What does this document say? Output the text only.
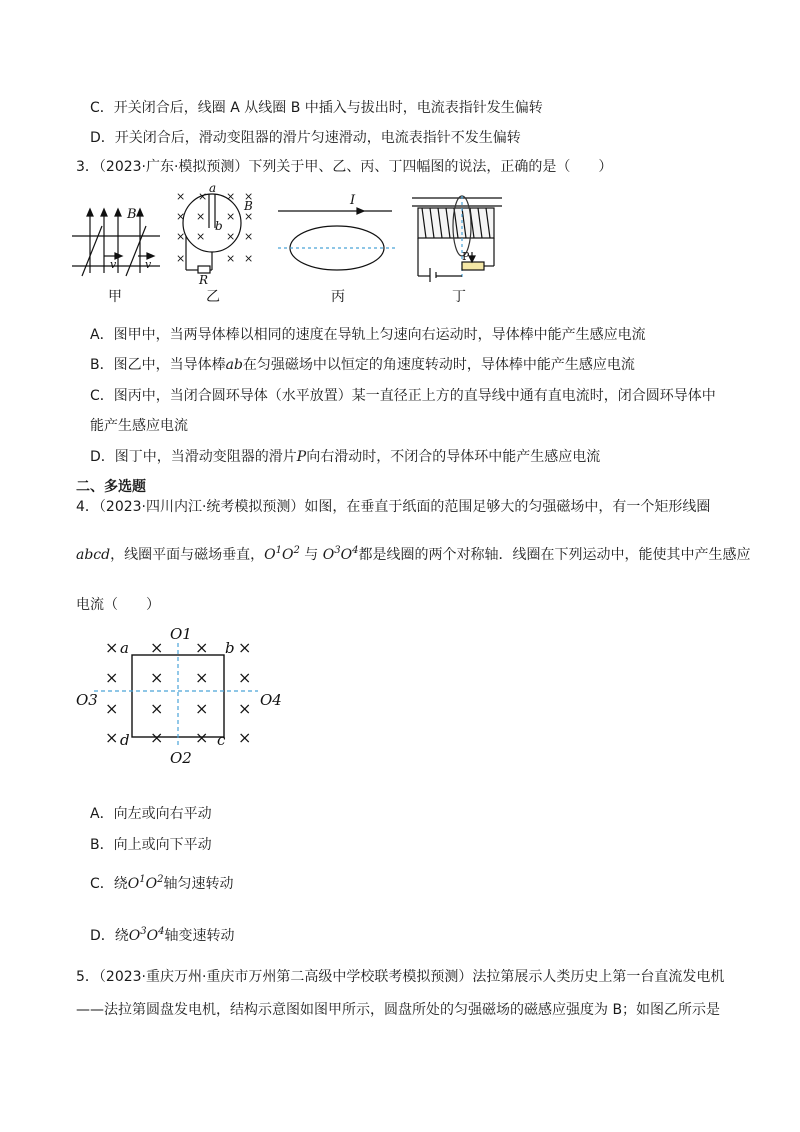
C．开关闭合后，线圈 A 从线圈 B 中插入与拔出时，电流表指针发生偏转
D．开关闭合后，滑动变阻器的滑片匀速滑动，电流表指针不发生偏转
3．（2023·广东·模拟预测）下列关于甲、乙、丙、丁四幅图的说法，正确的是（　　）
B
v	v
甲
× × × ×
× × × ×
× × × ×
×	× ×
a
b
B
R
乙
I
丙
P
丁
A．图甲中，当两导体棒以相同的速度在导轨上匀速向右运动时，导体棒中能产生感应电流
B．图乙中，当导体棒ab在匀强磁场中以恒定的角速度转动时，导体棒中能产生感应电流
C．图丙中，当闭合圆环导体（水平放置）某一直径正上方的直导线中通有直电流时，闭合圆环导体中
能产生感应电流
D．图丁中，当滑动变阻器的滑片P向右滑动时，不闭合的导体环中能产生感应电流
二、多选题
4．（2023·四川内江·统考模拟预测）如图，在垂直于纸面的范围足够大的匀强磁场中，有一个矩形线圈
abcd，线圈平面与磁场垂直，$O^1O^2$ 与 $O^3O^4$都是线圈的两个对称轴．线圈在下列运动中，能使其中产生感应
电流（　　）
× × × ×
× × × ×
× × × ×
× × × ×
a	b
c
d
O1
O2
O3	O4
A．向左或向右平动
B．向上或向下平动
C．绕$O^1O^2$轴匀速转动
D．绕$O^3O^4$轴变速转动
5．（2023·重庆万州·重庆市万州第二高级中学校联考模拟预测）法拉第展示人类历史上第一台直流发电机
——法拉第圆盘发电机，结构示意图如图甲所示，圆盘所处的匀强磁场的磁感应强度为 B；如图乙所示是
